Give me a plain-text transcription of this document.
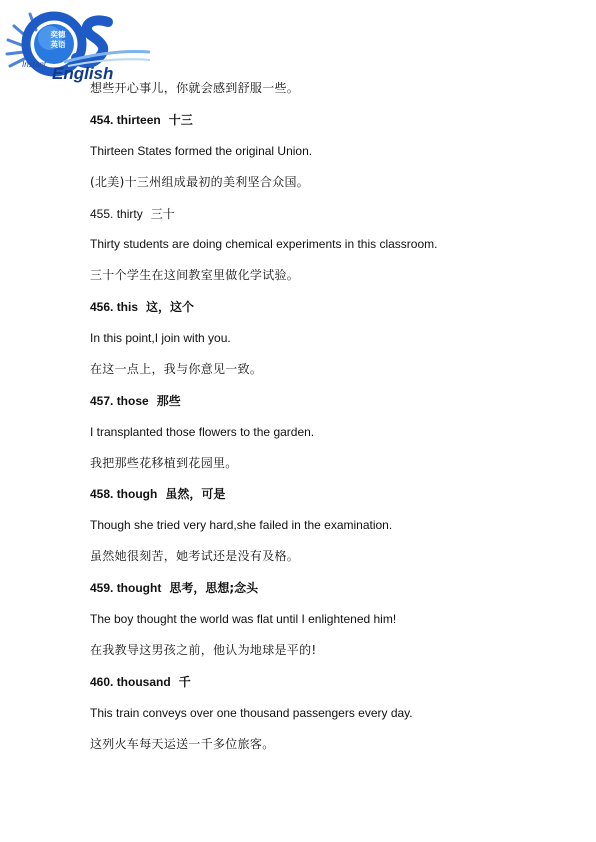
奕德
英语
Instant English

想些开心事儿，你就会感到舒服一些。

454. thirteen 十三

Thirteen States formed the original Union.

(北美)十三州组成最初的美利坚合众国。

455. thirty 三十

Thirty students are doing chemical experiments in this classroom.

三十个学生在这间教室里做化学试验。

456. this 这，这个

In this point,I join with you.

在这一点上，我与你意见一致。

457. those 那些

I transplanted those flowers to the garden.

我把那些花移植到花园里。

458. though 虽然，可是

Though she tried very hard,she failed in the examination.

虽然她很刻苦，她考试还是没有及格。

459. thought 思考，思想;念头

The boy thought the world was flat until I enlightened him!

在我教导这男孩之前，他认为地球是平的!

460. thousand 千

This train conveys over one thousand passengers every day.

这列火车每天运送一千多位旅客。
